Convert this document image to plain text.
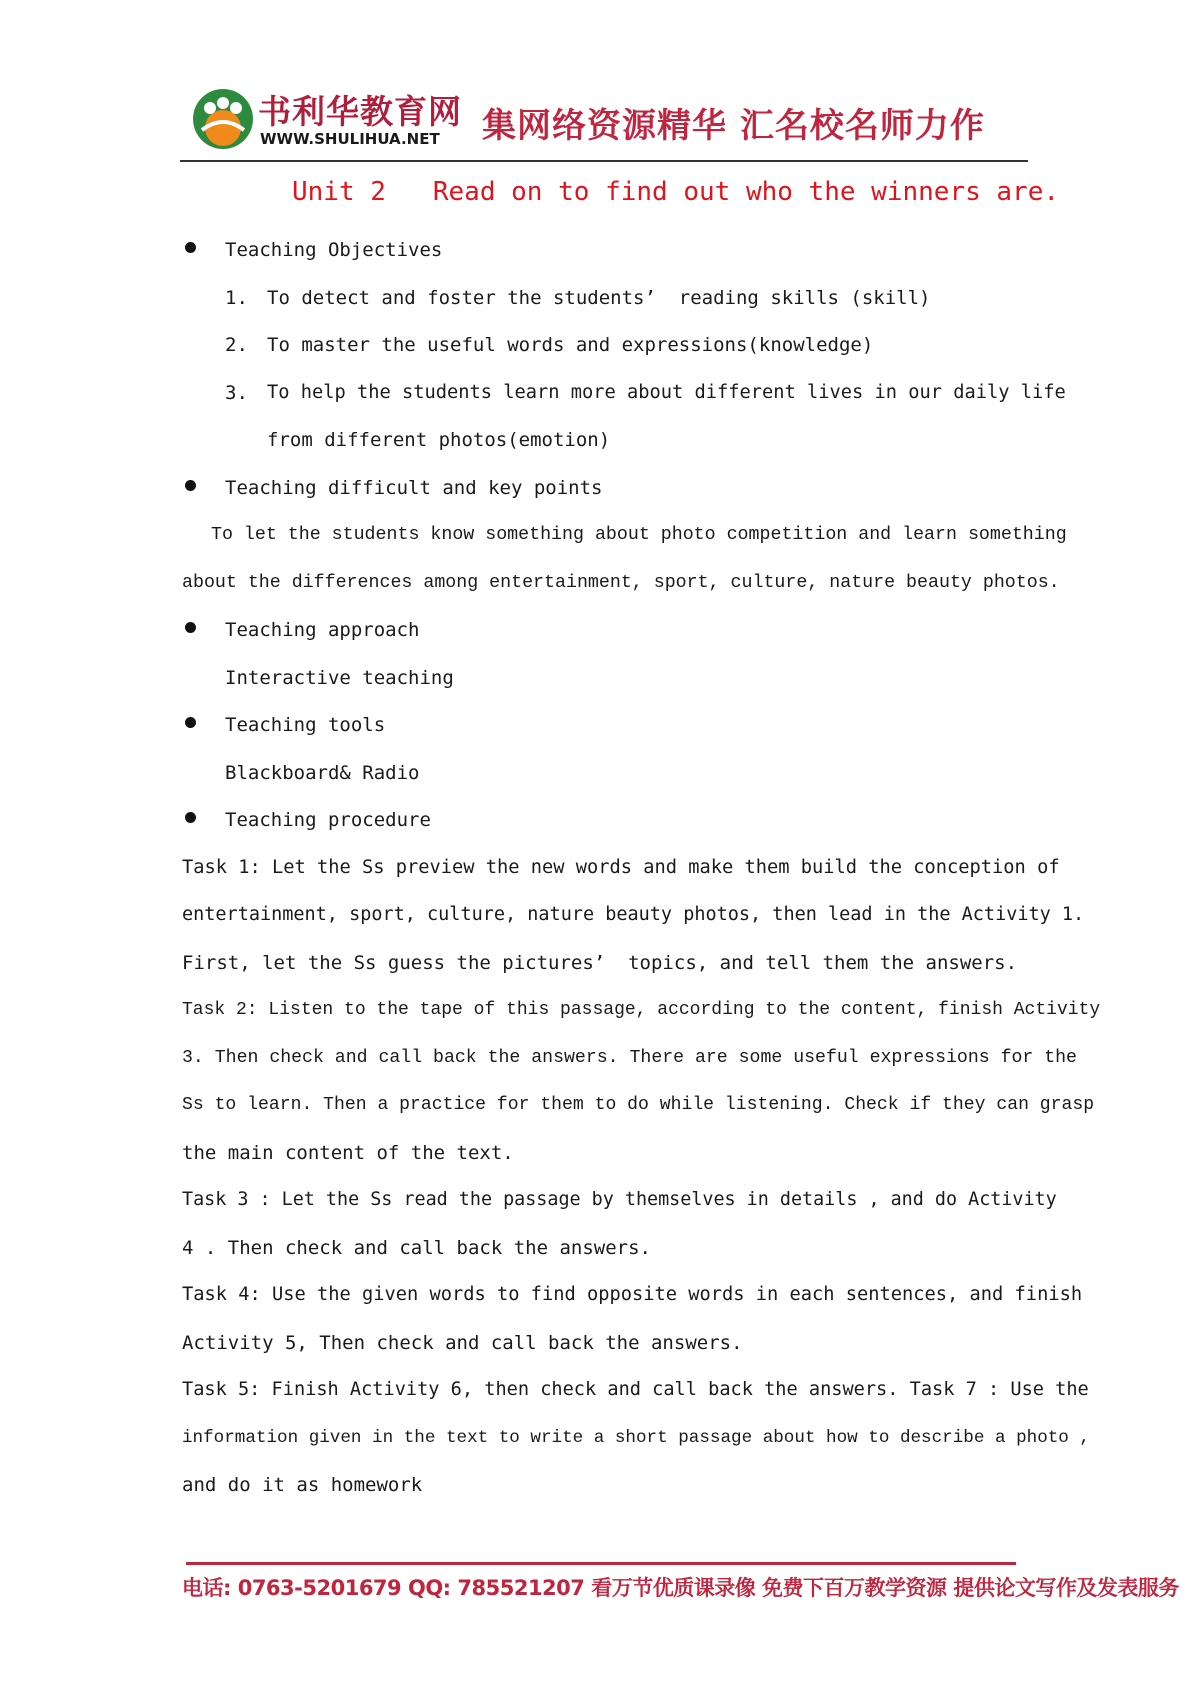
书利华教育网
WWW.SHULIHUA.NET 集网络资源精华 汇名校名师力作
Unit 2   Read on to find out who the winners are.
Teaching Objectives
1. To detect and foster the students’  reading skills (skill)
2. To master the useful words and expressions(knowledge)
3. To help the students learn more about different lives in our daily life
from different photos(emotion)
Teaching difficult and key points
To let the students know something about photo competition and learn something
about the differences among entertainment, sport, culture, nature beauty photos.
Teaching approach
Interactive teaching
Teaching tools
Blackboard& Radio
Teaching procedure
Task 1: Let the Ss preview the new words and make them build the conception of
entertainment, sport, culture, nature beauty photos, then lead in the Activity 1.
First, let the Ss guess the pictures’  topics, and tell them the answers.
Task 2: Listen to the tape of this passage, according to the content, finish Activity
3. Then check and call back the answers. There are some useful expressions for the
Ss to learn. Then a practice for them to do while listening. Check if they can grasp
the main content of the text.
Task 3 : Let the Ss read the passage by themselves in details , and do Activity
4 . Then check and call back the answers.
Task 4: Use the given words to find opposite words in each sentences, and finish
Activity 5, Then check and call back the answers.
Task 5: Finish Activity 6, then check and call back the answers. Task 7 : Use the
information given in the text to write a short passage about how to describe a photo ,
and do it as homework
电话: 0763-5201679 QQ: 785521207 看万节优质课录像 免费下百万教学资源 提供论文写作及发表服务
